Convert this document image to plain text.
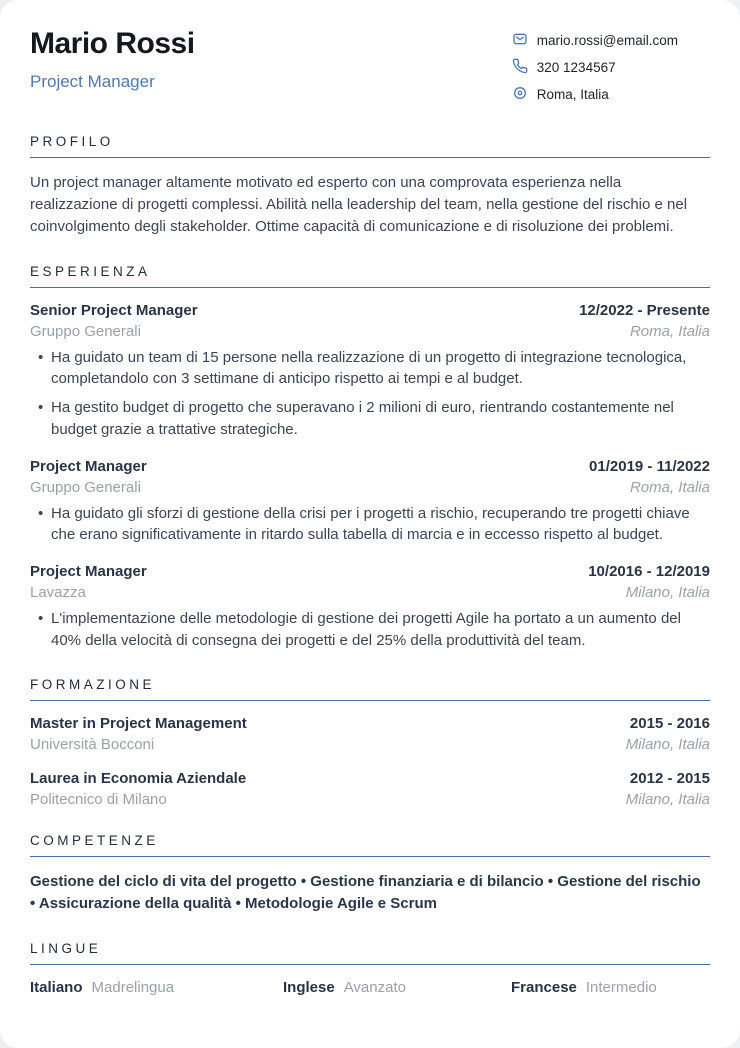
Mario Rossi
Project Manager
mario.rossi@email.com
320 1234567
Roma, Italia
PROFILO

Un project manager altamente motivato ed esperto con una comprovata esperienza nella realizzazione di progetti complessi. Abilità nella leadership del team, nella gestione del rischio e nel coinvolgimento degli stakeholder. Ottime capacità di comunicazione e di risoluzione dei problemi.

ESPERIENZA
Senior Project Manager	12/2022 - Presente
Gruppo Generali	Roma, Italia
• Ha guidato un team di 15 persone nella realizzazione di un progetto di integrazione tecnologica, completandolo con 3 settimane di anticipo rispetto ai tempi e al budget.
• Ha gestito budget di progetto che superavano i 2 milioni di euro, rientrando costantemente nel budget grazie a trattative strategiche.
Project Manager	01/2019 - 11/2022
Gruppo Generali	Roma, Italia
• Ha guidato gli sforzi di gestione della crisi per i progetti a rischio, recuperando tre progetti chiave che erano significativamente in ritardo sulla tabella di marcia e in eccesso rispetto al budget.
Project Manager	10/2016 - 12/2019
Lavazza	Milano, Italia
• L'implementazione delle metodologie di gestione dei progetti Agile ha portato a un aumento del 40% della velocità di consegna dei progetti e del 25% della produttività del team.
FORMAZIONE
Master in Project Management	2015 - 2016
Università Bocconi	Milano, Italia
Laurea in Economia Aziendale	2012 - 2015
Politecnico di Milano	Milano, Italia
COMPETENZE

Gestione del ciclo di vita del progetto • Gestione finanziaria e di bilancio • Gestione del rischio • Assicurazione della qualità • Metodologie Agile e Scrum

LINGUE
Italiano Madrelingua	Inglese Avanzato	Francese Intermedio
